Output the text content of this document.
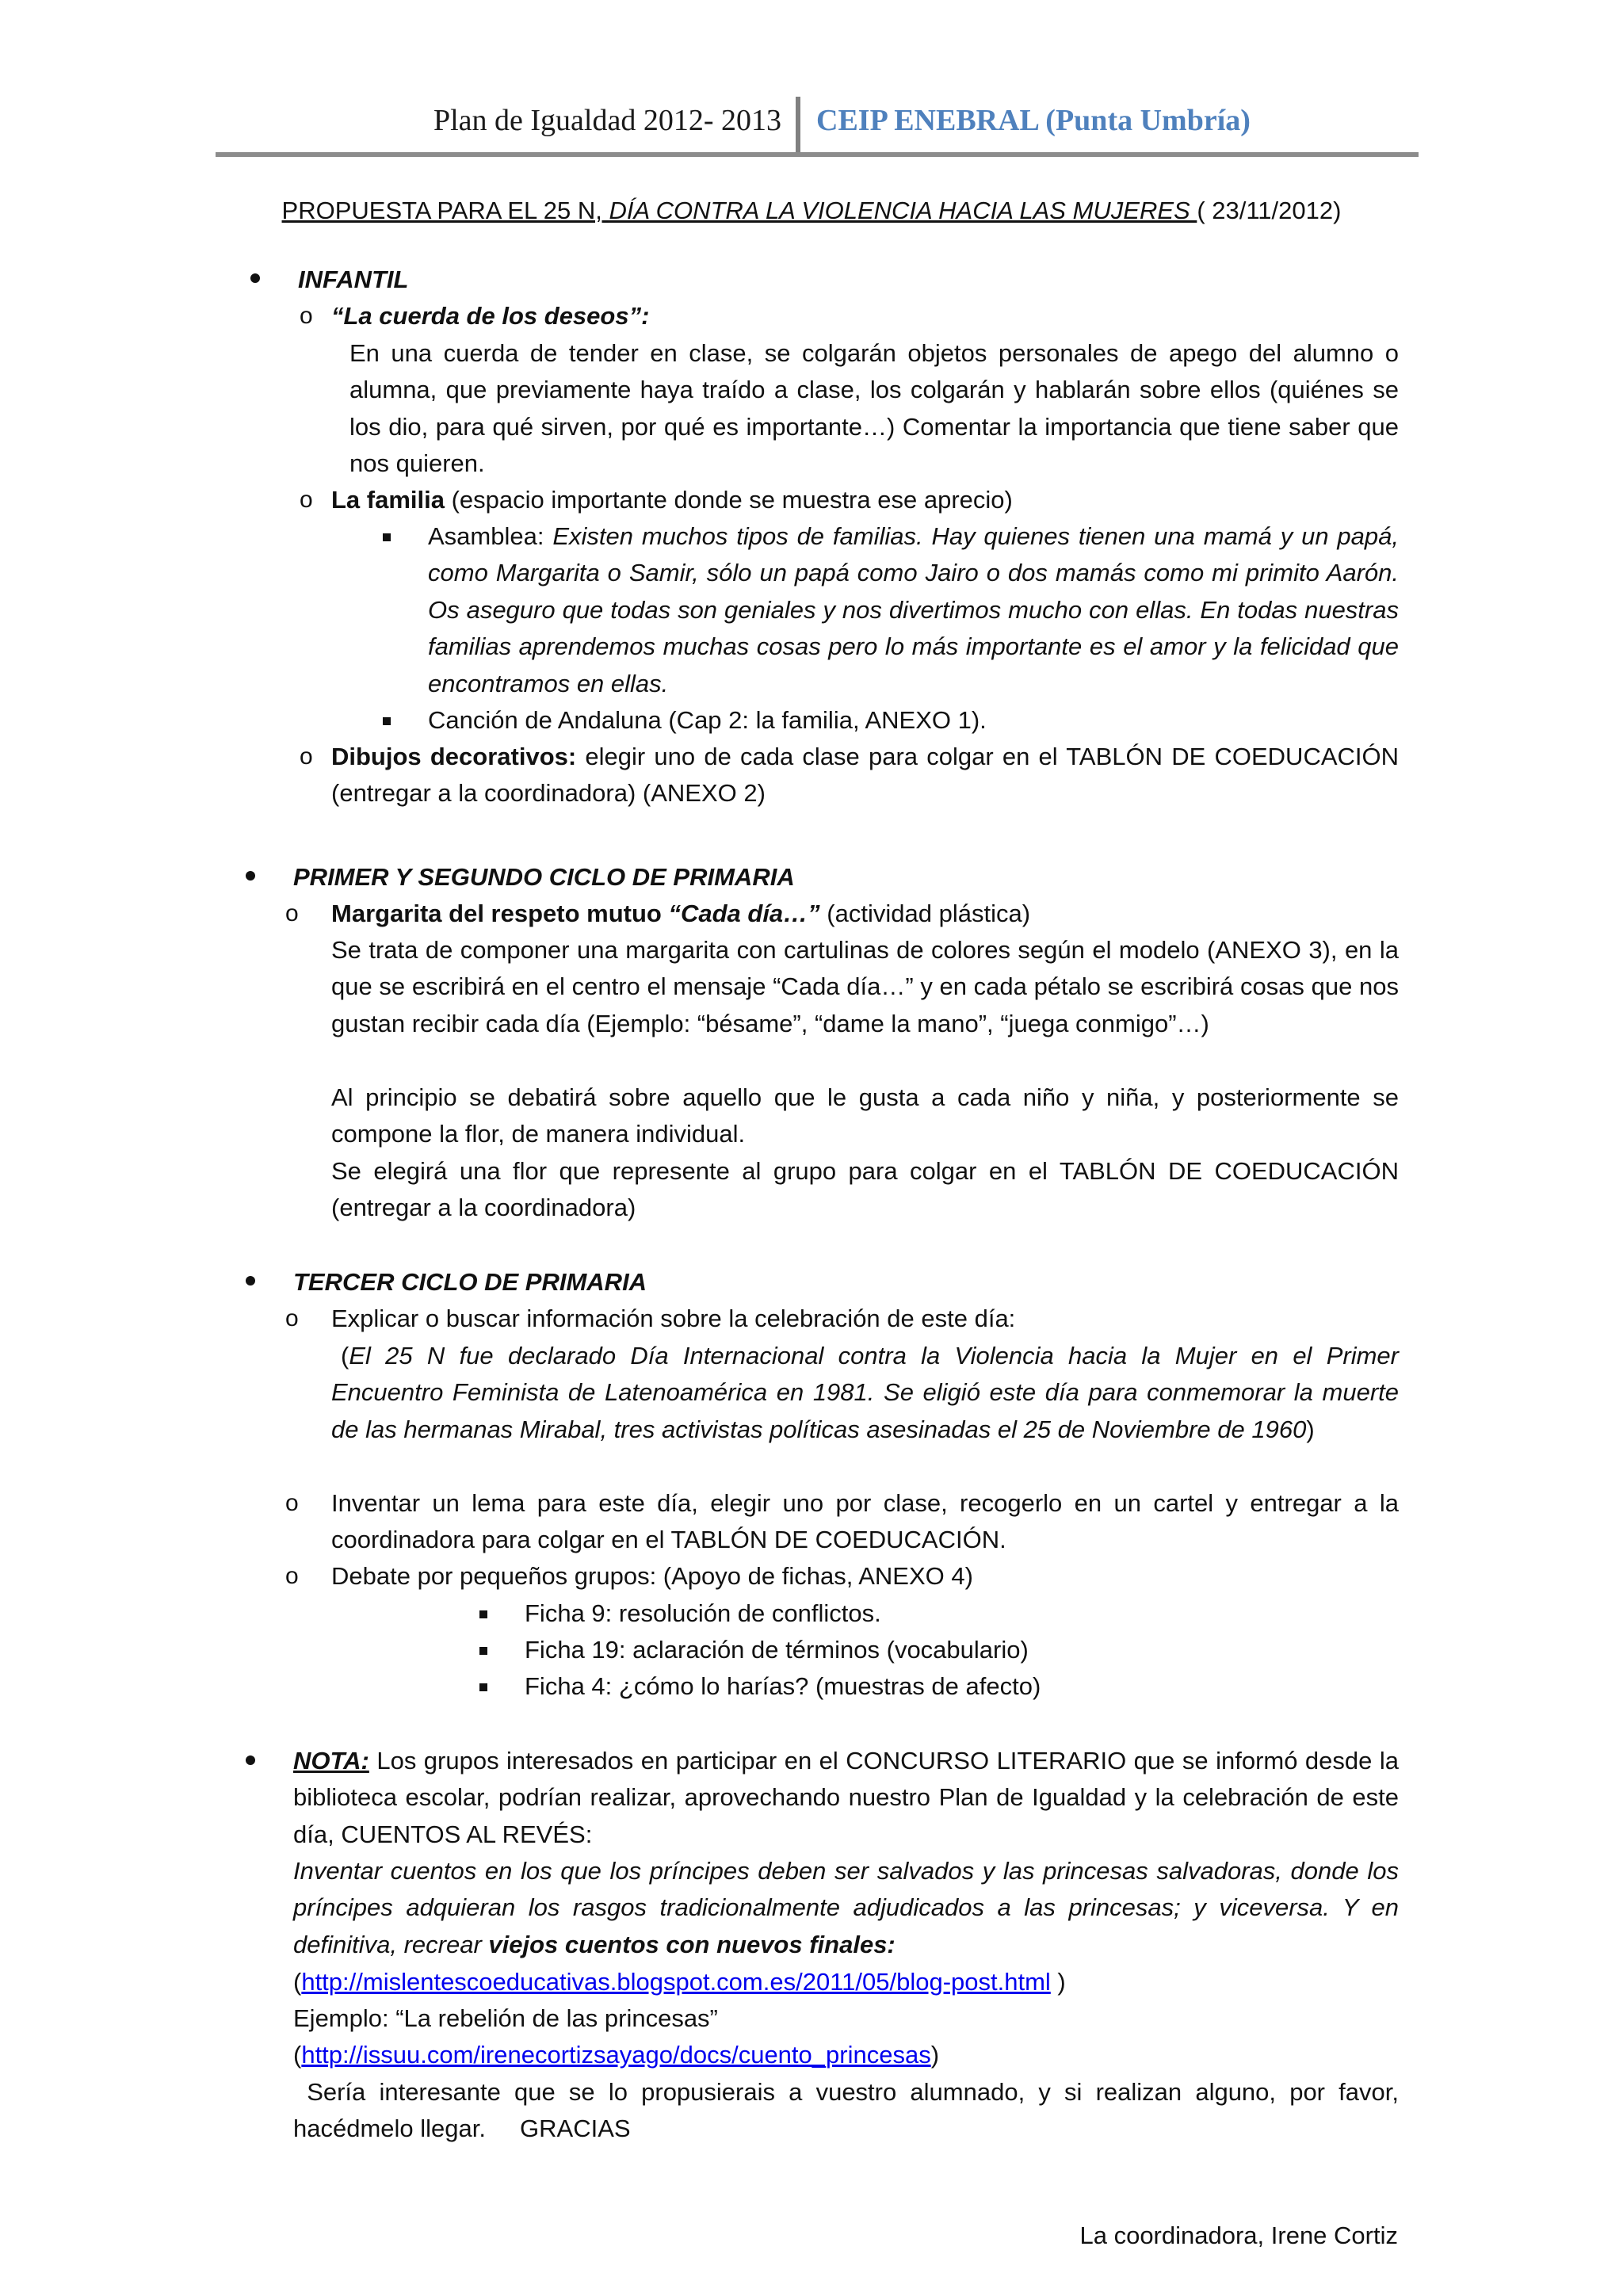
Plan de Igualdad 2012- 2013 CEIP ENEBRAL (Punta Umbría)
PROPUESTA PARA EL 25 N, DÍA CONTRA LA VIOLENCIA HACIA LAS MUJERES ( 23/11/2012)
INFANTIL
o “La cuerda de los deseos”:
En una cuerda de tender en clase, se colgarán objetos personales de apego del alumno o alumna, que previamente haya traído a clase, los colgarán y hablarán sobre ellos (quiénes se los dio, para qué sirven, por qué es importante…) Comentar la importancia que tiene saber que nos quieren.
o La familia (espacio importante donde se muestra ese aprecio)
Asamblea: Existen muchos tipos de familias. Hay quienes tienen una mamá y un papá, como Margarita o Samir, sólo un papá como Jairo o dos mamás como mi primito Aarón. Os aseguro que todas son geniales y nos divertimos mucho con ellas. En todas nuestras familias aprendemos muchas cosas pero lo más importante es el amor y la felicidad que encontramos en ellas.
Canción de Andaluna (Cap 2: la familia, ANEXO 1).
o Dibujos decorativos: elegir uno de cada clase para colgar en el TABLÓN DE COEDUCACIÓN (entregar a la coordinadora) (ANEXO 2)
PRIMER Y SEGUNDO CICLO DE PRIMARIA
o Margarita del respeto mutuo “Cada día…” (actividad plástica)
Se trata de componer una margarita con cartulinas de colores según el modelo (ANEXO 3), en la que se escribirá en el centro el mensaje “Cada día…” y en cada pétalo se escribirá cosas que nos gustan recibir cada día (Ejemplo: “bésame”, “dame la mano”, “juega conmigo”…)
Al principio se debatirá sobre aquello que le gusta a cada niño y niña, y posteriormente se compone la flor, de manera individual.
Se elegirá una flor que represente al grupo para colgar en el TABLÓN DE COEDUCACIÓN (entregar a la coordinadora)
TERCER CICLO DE PRIMARIA
o Explicar o buscar información sobre la celebración de este día:
(El 25 N fue declarado Día Internacional contra la Violencia hacia la Mujer en el Primer Encuentro Feminista de Latenoamérica en 1981. Se eligió este día para conmemorar la muerte de las hermanas Mirabal, tres activistas políticas asesinadas el 25 de Noviembre de 1960)
o Inventar un lema para este día, elegir uno por clase, recogerlo en un cartel y entregar a la coordinadora para colgar en el TABLÓN DE COEDUCACIÓN.
o Debate por pequeños grupos: (Apoyo de fichas, ANEXO 4)
Ficha 9: resolución de conflictos.
Ficha 19: aclaración de términos (vocabulario)
Ficha 4: ¿cómo lo harías? (muestras de afecto)
NOTA: Los grupos interesados en participar en el CONCURSO LITERARIO que se informó desde la biblioteca escolar, podrían realizar, aprovechando nuestro Plan de Igualdad y la celebración de este día, CUENTOS AL REVÉS:
Inventar cuentos en los que los príncipes deben ser salvados y las princesas salvadoras, donde los príncipes adquieran los rasgos tradicionalmente adjudicados a las princesas; y viceversa. Y en definitiva, recrear viejos cuentos con nuevos finales:
(http://mislentescoeducativas.blogspot.com.es/2011/05/blog-post.html )
Ejemplo: “La rebelión de las princesas”
(http://issuu.com/irenecortizsayago/docs/cuento_princesas)
Sería interesante que se lo propusierais a vuestro alumnado, y si realizan alguno, por favor, hacédmelo llegar.     GRACIAS
La coordinadora, Irene Cortiz
